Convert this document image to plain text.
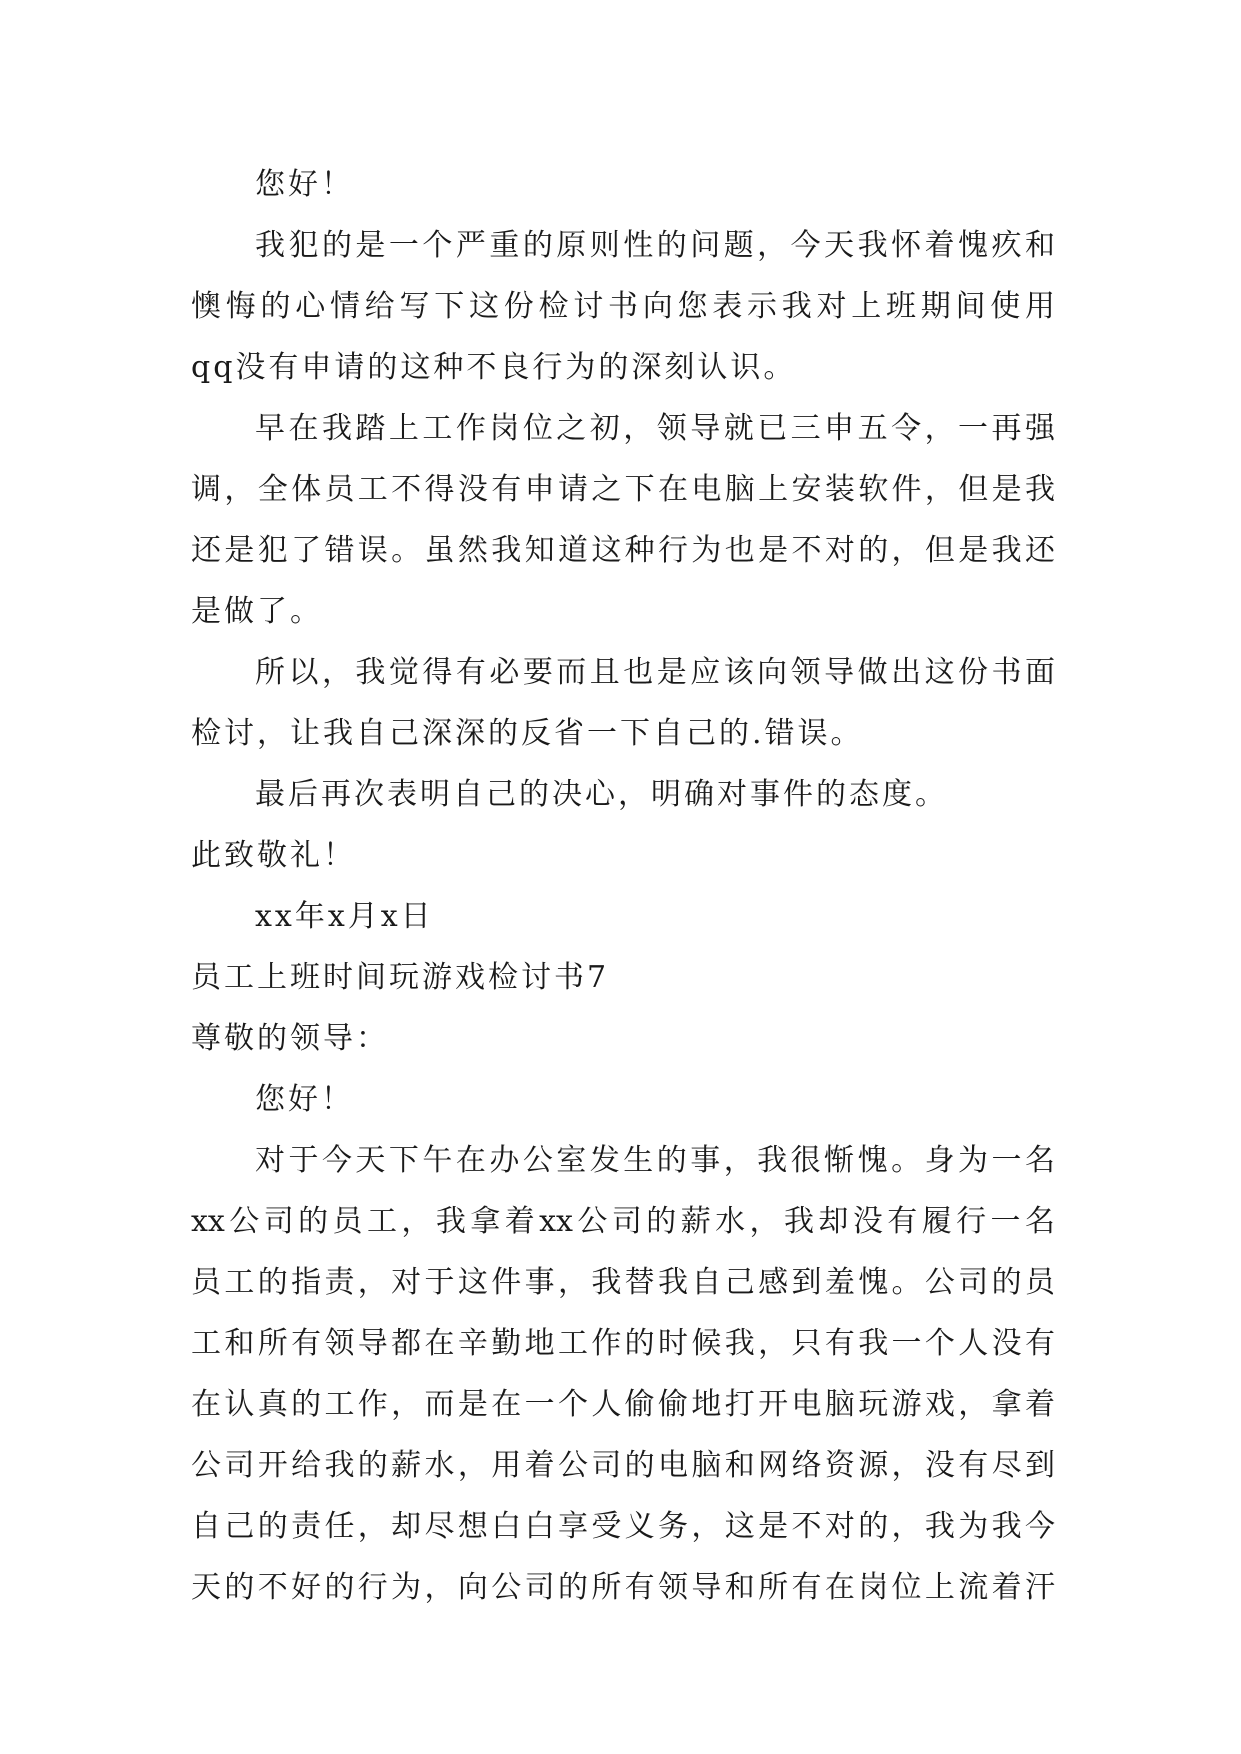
您好！
我犯的是一个严重的原则性的问题，今天我怀着愧疚和
懊悔的心情给写下这份检讨书向您表示我对上班期间使用
qq没有申请的这种不良行为的深刻认识。
早在我踏上工作岗位之初，领导就已三申五令，一再强
调，全体员工不得没有申请之下在电脑上安装软件，但是我
还是犯了错误。虽然我知道这种行为也是不对的，但是我还
是做了。
所以，我觉得有必要而且也是应该向领导做出这份书面
检讨，让我自己深深的反省一下自己的.错误。
最后再次表明自己的决心，明确对事件的态度。
此致敬礼！
xx年x月x日
员工上班时间玩游戏检讨书7
尊敬的领导：
您好！
对于今天下午在办公室发生的事，我很惭愧。身为一名
xx公司的员工，我拿着xx公司的薪水，我却没有履行一名
员工的指责，对于这件事，我替我自己感到羞愧。公司的员
工和所有领导都在辛勤地工作的时候我，只有我一个人没有
在认真的工作，而是在一个人偷偷地打开电脑玩游戏，拿着
公司开给我的薪水，用着公司的电脑和网络资源，没有尽到
自己的责任，却尽想白白享受义务，这是不对的，我为我今
天的不好的行为，向公司的所有领导和所有在岗位上流着汗
